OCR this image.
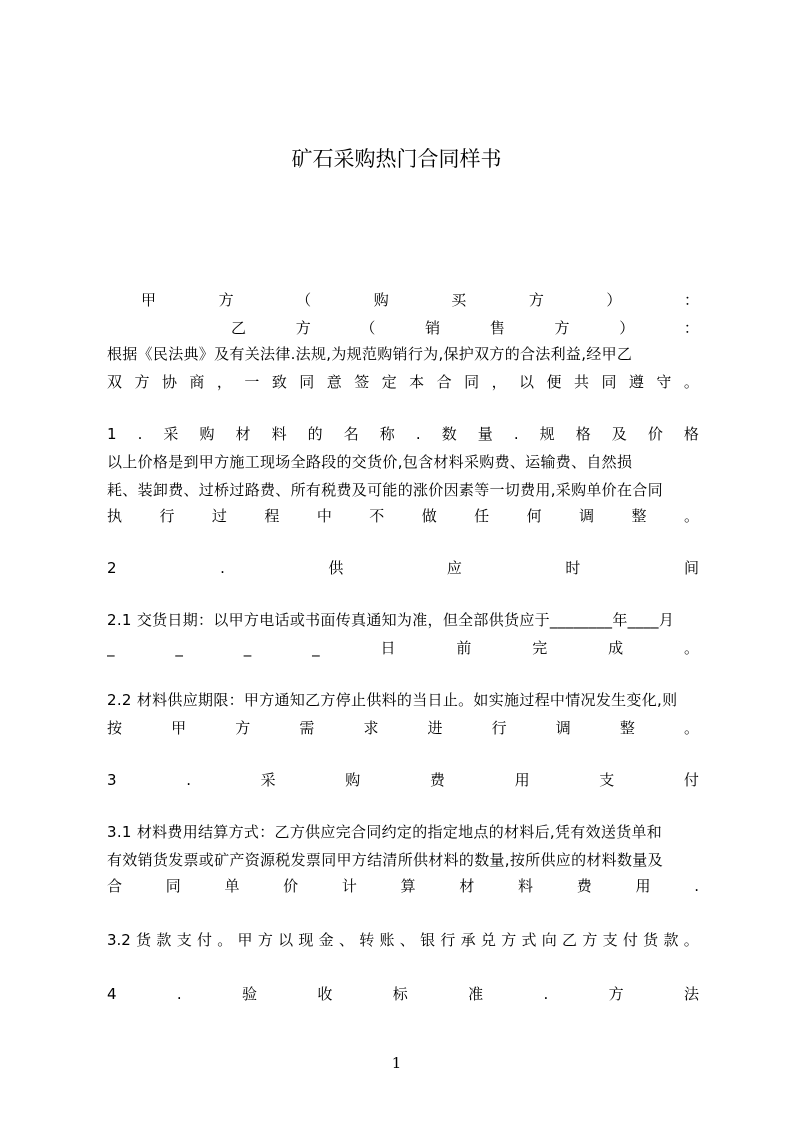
矿石采购热门合同样书
甲	方	（	购	买	方	）	：
乙	方	（	销	售	方	）	：
根据《民法典》及有关法律.法规,为规范购销行为,保护双方的合法利益,经甲乙
双 方 协 商 ， 一 致 同 意 签 定 本 合 同 ， 以 便 共 同 遵 守 。
1 . 采 购 材 料 的 名 称 . 数 量 . 规 格 及 价 格
以上价格是到甲方施工现场全路段的交货价,包含材料采购费、运输费、自然损
耗、装卸费、过桥过路费、所有税费及可能的涨价因素等一切费用,采购单价在合同
执 行 过 程 中 不 做 任 何 调 整 。
2	.	供	应	时	间
2.1 交货日期：以甲方电话或书面传真通知为准，但全部供货应于________年____月
_	_	_	_	日	前	完	成	。
2.2 材料供应期限：甲方通知乙方停止供料的当日止。如实施过程中情况发生变化,则
按	甲	方	需	求	进	行	调	整	。
3	.	采	购	费	用	支	付
3.1 材料费用结算方式：乙方供应完合同约定的指定地点的材料后,凭有效送货单和
有效销货发票或矿产资源税发票同甲方结清所供材料的数量,按所供应的材料数量及
合	同	单	价	计	算	材	料	费	用	.
3.2 货 款 支 付 。 甲 方 以 现 金 、 转 账 、 银 行 承 兑 方 式 向 乙 方 支 付 货 款 。
4	.	验	收	标	准	.	方	法
1
